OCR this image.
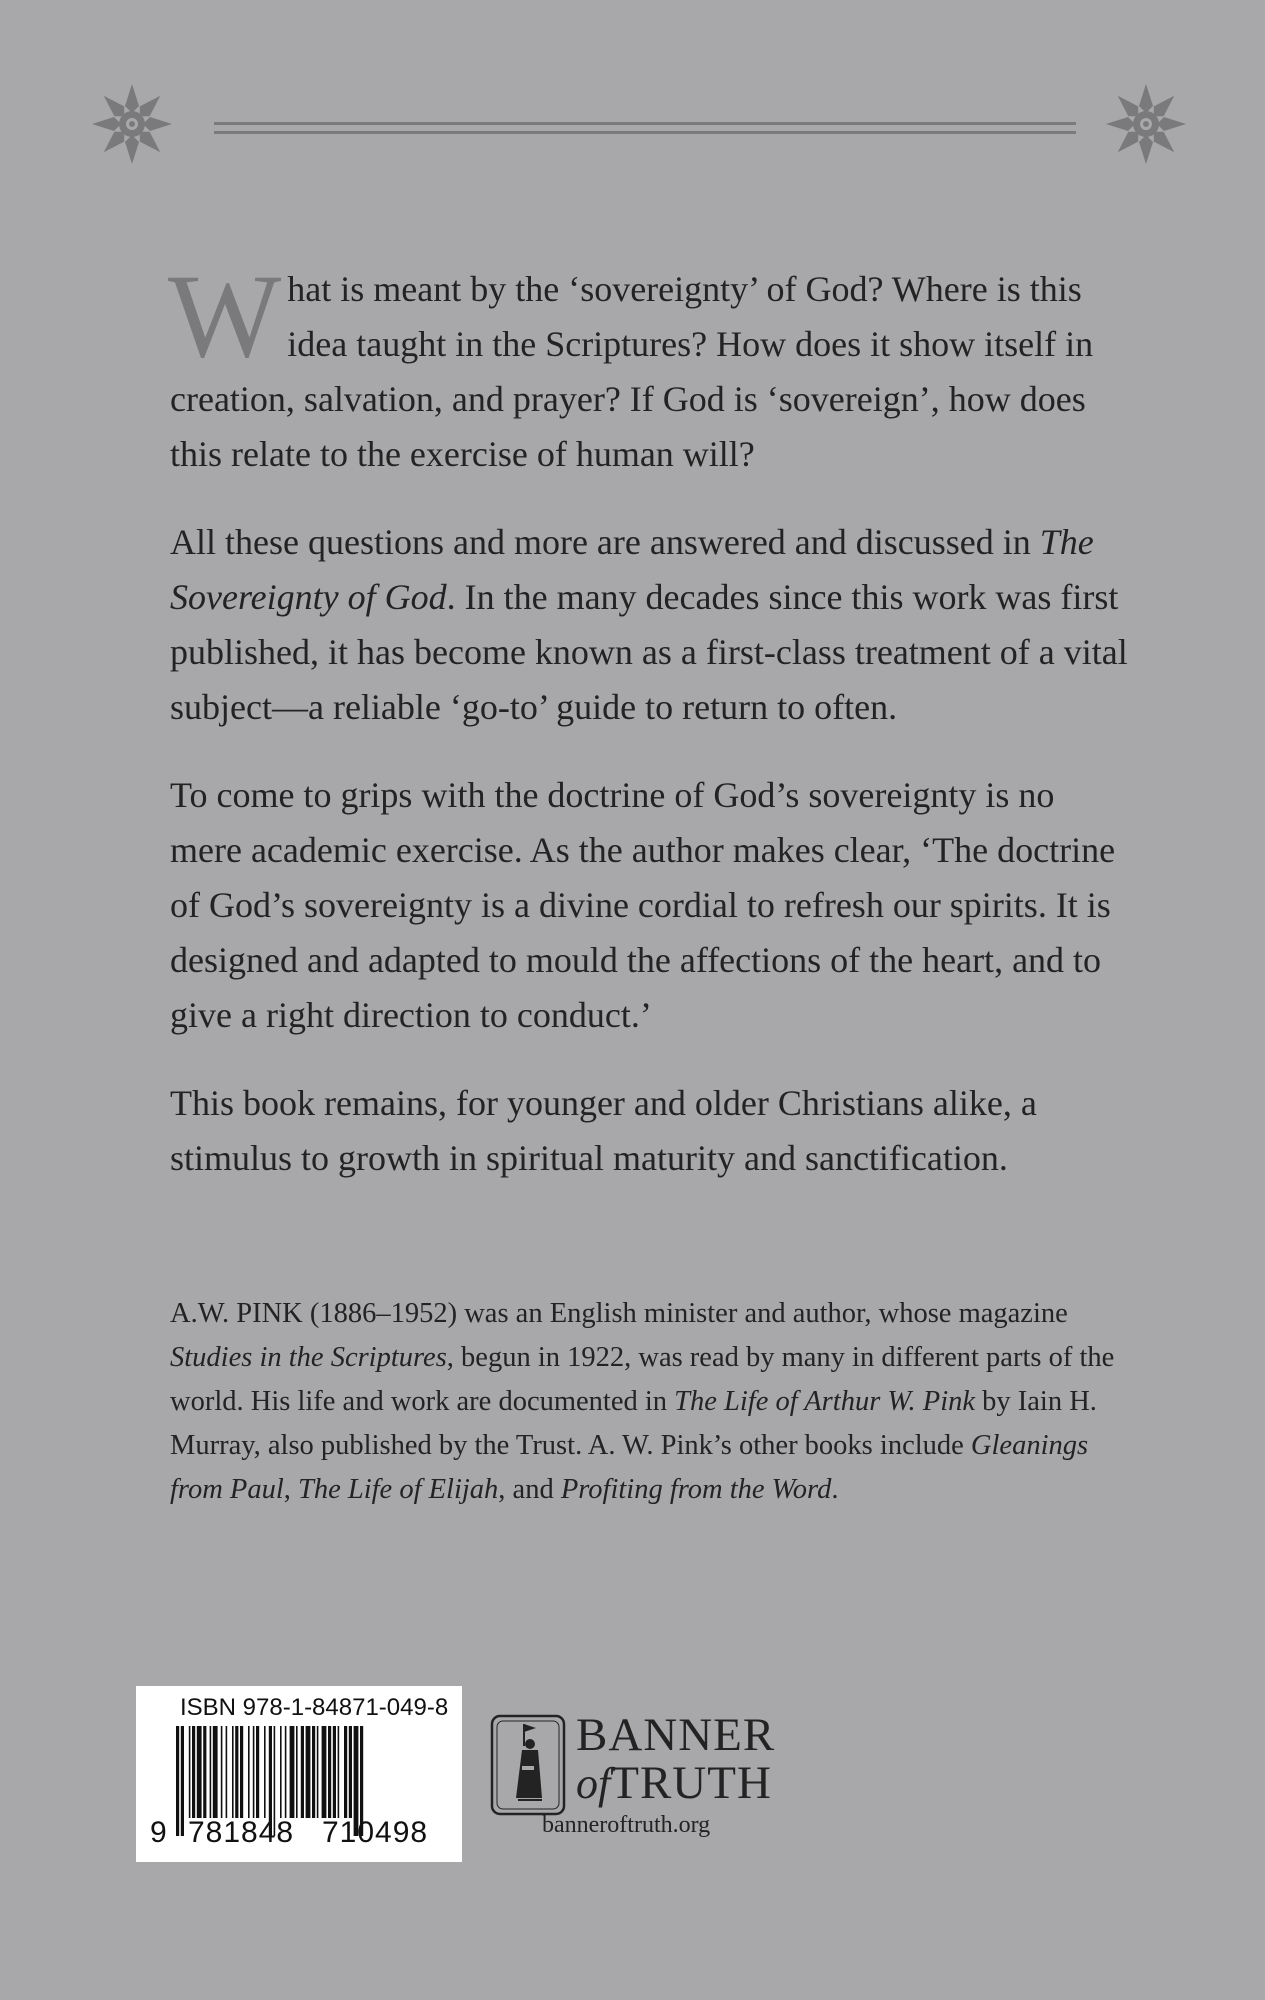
What is meant by the ‘sovereignty’ of God? Where is this idea taught in the Scriptures? How does it show itself in creation, salvation, and prayer? If God is ‘sovereign’, how does this relate to the exercise of human will?

All these questions and more are answered and discussed in The Sovereignty of God. In the many decades since this work was first published, it has become known as a first-class treatment of a vital subject—a reliable ‘go-to’ guide to return to often.

To come to grips with the doctrine of God’s sovereignty is no mere academic exercise. As the author makes clear, ‘The doctrine of God’s sovereignty is a divine cordial to refresh our spirits. It is designed and adapted to mould the affections of the heart, and to give a right direction to conduct.’

This book remains, for younger and older Christians alike, a stimulus to growth in spiritual maturity and sanctification.

A.W. PINK (1886–1952) was an English minister and author, whose magazine Studies in the Scriptures, begun in 1922, was read by many in different parts of the world. His life and work are documented in The Life of Arthur W. Pink by Iain H. Murray, also published by the Trust. A. W. Pink’s other books include Gleanings from Paul, The Life of Elijah, and Profiting from the Word.

ISBN 978-1-84871-049-8
9 781848 710498
BANNER
ofTRUTH
banneroftruth.org
